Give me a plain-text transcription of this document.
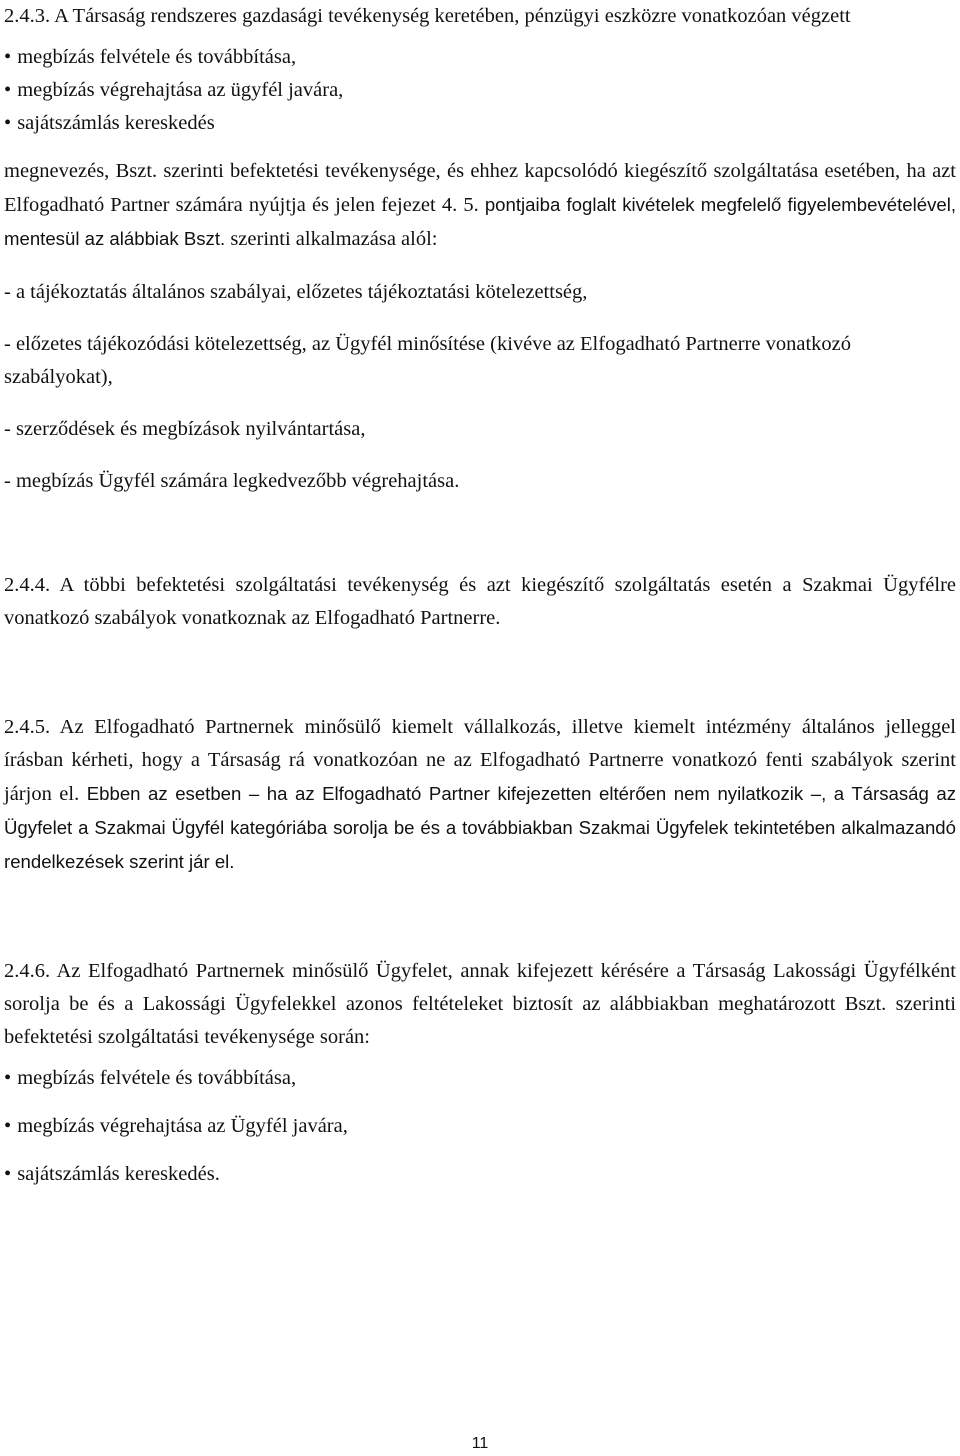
2.4.3. A Társaság rendszeres gazdasági tevékenység keretében, pénzügyi eszközre vonatkozóan végzett

• megbízás felvétele és továbbítása,
• megbízás végrehajtása az ügyfél javára,
• sajátszámlás kereskedés

megnevezés, Bszt. szerinti befektetési tevékenysége, és ehhez kapcsolódó kiegészítő szolgáltatása esetében, ha azt Elfogadható Partner számára nyújtja és jelen fejezet 4. 5. pontjaiba foglalt kivételek megfelelő figyelembevételével, mentesül az alábbiak Bszt. szerinti alkalmazása alól:

- a tájékoztatás általános szabályai, előzetes tájékoztatási kötelezettség,

- előzetes tájékozódási kötelezettség, az Ügyfél minősítése (kivéve az Elfogadható Partnerre vonatkozó szabályokat),

- szerződések és megbízások nyilvántartása,

- megbízás Ügyfél számára legkedvezőbb végrehajtása.

2.4.4. A többi befektetési szolgáltatási tevékenység és azt kiegészítő szolgáltatás esetén a Szakmai Ügyfélre vonatkozó szabályok vonatkoznak az Elfogadható Partnerre.

2.4.5. Az Elfogadható Partnernek minősülő kiemelt vállalkozás, illetve kiemelt intézmény általános jelleggel írásban kérheti, hogy a Társaság rá vonatkozóan ne az Elfogadható Partnerre vonatkozó fenti szabályok szerint járjon el. Ebben az esetben – ha az Elfogadható Partner kifejezetten eltérően nem nyilatkozik –, a Társaság az Ügyfelet a Szakmai Ügyfél kategóriába sorolja be és a továbbiakban Szakmai Ügyfelek tekintetében alkalmazandó rendelkezések szerint jár el.

2.4.6. Az Elfogadható Partnernek minősülő Ügyfelet, annak kifejezett kérésére a Társaság Lakossági Ügyfélként sorolja be és a Lakossági Ügyfelekkel azonos feltételeket biztosít az alábbiakban meghatározott Bszt. szerinti befektetési szolgáltatási tevékenysége során:

• megbízás felvétele és továbbítása,
• megbízás végrehajtása az Ügyfél javára,
• sajátszámlás kereskedés.
11
